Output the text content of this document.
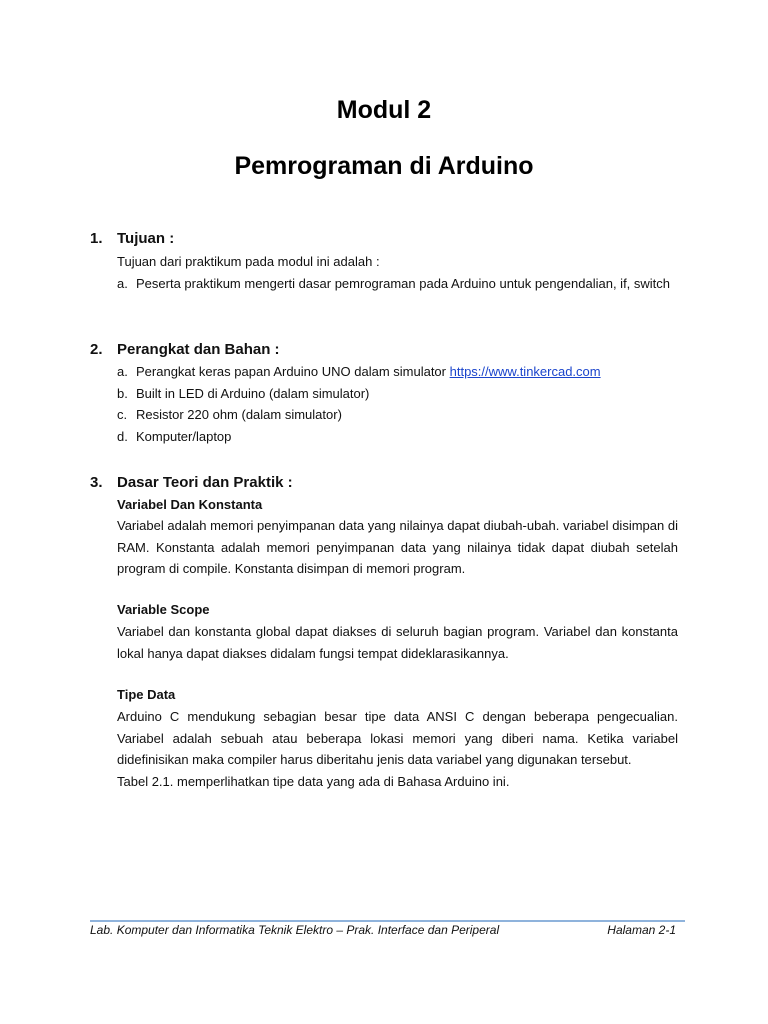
Modul 2
Pemrograman di Arduino
1. Tujuan :
Tujuan dari praktikum pada modul ini adalah :
a. Peserta praktikum mengerti dasar pemrograman pada Arduino untuk pengendalian, if, switch
2. Perangkat dan Bahan :
a. Perangkat keras papan Arduino UNO dalam simulator https://www.tinkercad.com
b. Built in LED di Arduino (dalam simulator)
c. Resistor 220 ohm (dalam simulator)
d. Komputer/laptop
3. Dasar Teori dan Praktik :
Variabel Dan Konstanta
Variabel adalah memori penyimpanan data yang nilainya dapat diubah-ubah. variabel disimpan di RAM. Konstanta adalah memori penyimpanan data yang nilainya tidak dapat diubah setelah program di compile. Konstanta disimpan di memori program.
Variable Scope
Variabel dan konstanta global dapat diakses di seluruh bagian program. Variabel dan konstanta lokal hanya dapat diakses didalam fungsi tempat dideklarasikannya.
Tipe Data
Arduino C mendukung sebagian besar tipe data ANSI C dengan beberapa pengecualian. Variabel adalah sebuah atau beberapa lokasi memori yang diberi nama. Ketika variabel didefinisikan maka compiler harus diberitahu jenis data variabel yang digunakan tersebut.
Tabel 2.1. memperlihatkan tipe data yang ada di Bahasa Arduino ini.
Lab. Komputer dan Informatika Teknik Elektro – Prak. Interface dan Periperal	Halaman 2-1
